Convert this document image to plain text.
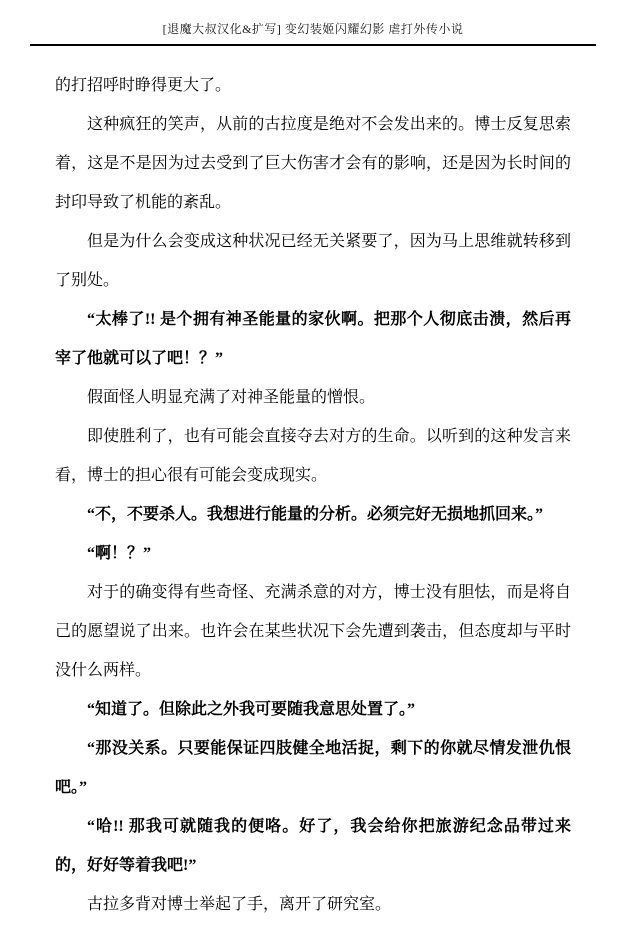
[退魔大叔汉化&扩写] 变幻装姬闪耀幻影 虐打外传小说

的打招呼时睁得更大了。

这种疯狂的笑声，从前的古拉度是绝对不会发出来的。博士反复思索着，这是不是因为过去受到了巨大伤害才会有的影响，还是因为长时间的封印导致了机能的紊乱。

但是为什么会变成这种状况已经无关紧要了，因为马上思维就转移到了别处。

“太棒了!! 是个拥有神圣能量的家伙啊。把那个人彻底击溃，然后再宰了他就可以了吧！？”

假面怪人明显充满了对神圣能量的憎恨。

即使胜利了，也有可能会直接夺去对方的生命。以听到的这种发言来看，博士的担心很有可能会变成现实。

“不，不要杀人。我想进行能量的分析。必须完好无损地抓回来。”

“啊！？”

对于的确变得有些奇怪、充满杀意的对方，博士没有胆怯，而是将自己的愿望说了出来。也许会在某些状况下会先遭到袭击，但态度却与平时没什么两样。

“知道了。但除此之外我可要随我意思处置了。”

“那没关系。只要能保证四肢健全地活捉，剩下的你就尽情发泄仇恨吧。”

“哈!! 那我可就随我的便咯。好了，我会给你把旅游纪念品带过来的，好好等着我吧!”

古拉多背对博士举起了手，离开了研究室。
